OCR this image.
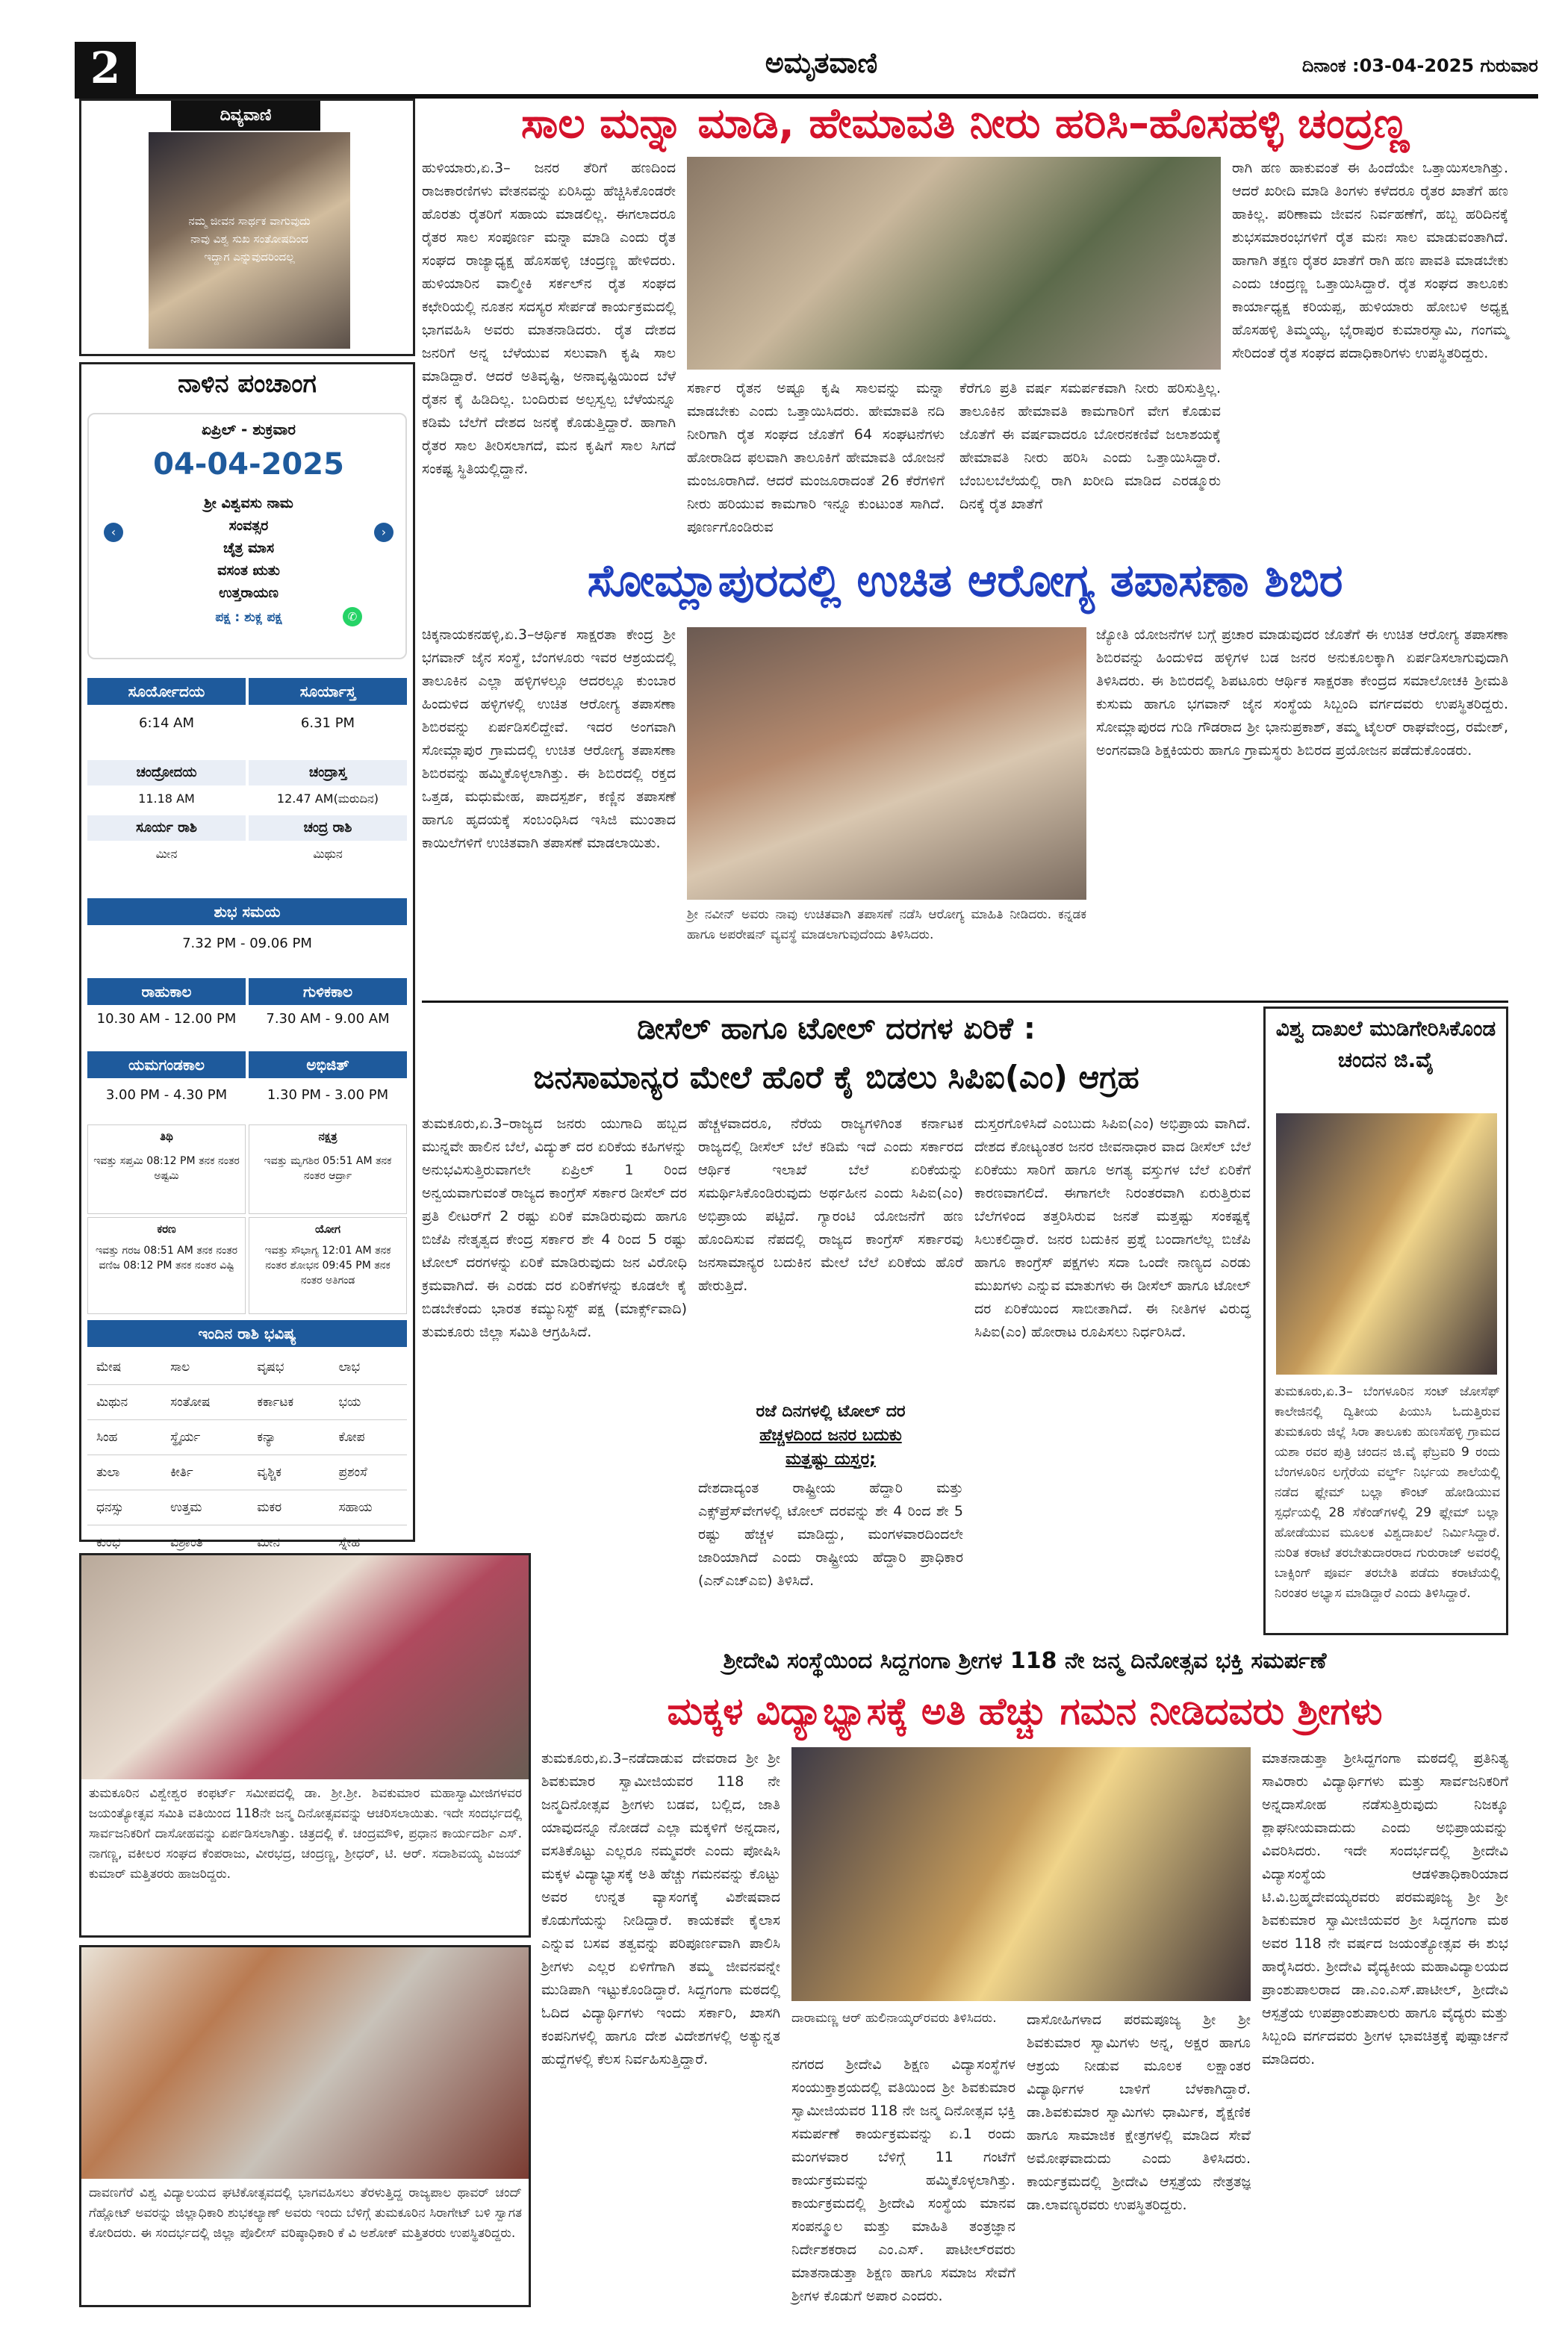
2	ಅಮೃತವಾಣಿ	ದಿನಾಂಕ :03-04-2025 ಗುರುವಾರ
ದಿವ್ಯವಾಣಿ
ನಮ್ಮ ಜೀವನ ಸಾರ್ಥಕ ವಾಗುವುದು
ನಾವು ವಿಶ್ವ ಸುಖ ಸಂತೋಷದಿಂದ
ಇದ್ದಾಗ ಎನ್ನುವುದರಿಂದಲ್ಲ
ನಾಳಿನ ಪಂಚಾಂಗ
ಏಪ್ರಿಲ್ - ಶುಕ್ರವಾರ
04-04-2025
‹	›
ಶ್ರೀ ವಿಶ್ವವಸು ನಾಮ
ಸಂವತ್ಸರ
ಚೈತ್ರ ಮಾಸ
ವಸಂತ ಋತು
ಉತ್ತರಾಯಣ
ಪಕ್ಷ : ಶುಕ್ಲ ಪಕ್ಷ	✆
ಸೂರ್ಯೋದಯ	ಸೂರ್ಯಾಸ್ತ
6:14 AM	6.31 PM
ಚಂದ್ರೋದಯ	ಚಂದ್ರಾಸ್ತ
11.18 AM	12.47 AM(ಮರುದಿನ)
ಸೂರ್ಯ ರಾಶಿ	ಚಂದ್ರ ರಾಶಿ
ಮೀನ	ಮಿಥುನ
ಶುಭ ಸಮಯ
7.32 PM - 09.06 PM
ರಾಹುಕಾಲ	ಗುಳಿಕಕಾಲ
10.30 AM - 12.00 PM	7.30 AM - 9.00 AM
ಯಮಗಂಡಕಾಲ	ಅಭಿಜಿತ್
3.00 PM - 4.30 PM	1.30 PM - 3.00 PM
ತಿಥಿ
ಇವತ್ತು ಸಪ್ತಮಿ 08:12 PM ತನಕ ನಂತರ ಅಷ್ಟಮಿ
ನಕ್ಷತ್ರ
ಇವತ್ತು ಮೃಗಶಿರ 05:51 AM ತನಕ ನಂತರ ಆರ್ದ್ರಾ
ಕರಣ
ಇವತ್ತು ಗರಜ 08:51 AM ತನಕ ನಂತರ ವಣಿಜ 08:12 PM ತನಕ ನಂತರ ವಿಷ್ಟಿ
ಯೋಗ
ಇವತ್ತು ಸೌಭಾಗ್ಯ 12:01 AM ತನಕ ನಂತರ ಶೋಭನ 09:45 PM ತನಕ ನಂತರ ಅತಿಗಂಡ
ಇಂದಿನ ರಾಶಿ ಭವಿಷ್ಯ
ಮೇಷ	ಸಾಲ	ವೃಷಭ	ಲಾಭ
ಮಿಥುನ	ಸಂತೋಷ	ಕರ್ಕಾಟಕ	ಭಯ
ಸಿಂಹ	ಸ್ಥೈರ್ಯ	ಕನ್ಯಾ	ಕೋಪ
ತುಲಾ	ಕೀರ್ತಿ	ವೃಶ್ಚಿಕ	ಪ್ರಶಂಸೆ
ಧನಸ್ಸು	ಉತ್ತಮ	ಮಕರ	ಸಹಾಯ
ಕುಂಭ	ವಿಶ್ರಾಂತಿ	ಮೀನ	ಸ್ನೇಹ
ಸಾಲ ಮನ್ನಾ ಮಾಡಿ, ಹೇಮಾವತಿ ನೀರು ಹರಿಸಿ–ಹೊಸಹಳ್ಳಿ ಚಂದ್ರಣ್ಣ
ಹುಳಿಯಾರು,ಏ.3– ಜನರ ತೆರಿಗೆ ಹಣದಿಂದ ರಾಜಕಾರಣಿಗಳು ವೇತನವನ್ನು ಏರಿಸಿದ್ದು ಹೆಚ್ಚಿಸಿಕೊಂಡರೇ ಹೊರತು ರೈತರಿಗೆ ಸಹಾಯ ಮಾಡಲಿಲ್ಲ. ಈಗಲಾದರೂ ರೈತರ ಸಾಲ ಸಂಪೂರ್ಣ ಮನ್ನಾ ಮಾಡಿ ಎಂದು ರೈತ ಸಂಘದ ರಾಜ್ಯಾಧ್ಯಕ್ಷ ಹೊಸಹಳ್ಳಿ ಚಂದ್ರಣ್ಣ ಹೇಳಿದರು. ಹುಳಿಯಾರಿನ ವಾಲ್ಮೀಕಿ ಸರ್ಕಲ್‌ನ ರೈತ ಸಂಘದ ಕಛೇರಿಯಲ್ಲಿ ನೂತನ ಸದಸ್ಯರ ಸೇರ್ಪಡೆ ಕಾರ್ಯಕ್ರಮದಲ್ಲಿ ಭಾಗವಹಿಸಿ ಅವರು ಮಾತನಾಡಿದರು. ರೈತ ದೇಶದ ಜನರಿಗೆ ಅನ್ನ ಬೆಳೆಯುವ ಸಲುವಾಗಿ ಕೃಷಿ ಸಾಲ ಮಾಡಿದ್ದಾರೆ. ಆದರೆ ಅತಿವೃಷ್ಟಿ, ಅನಾವೃಷ್ಟಿಯಿಂದ ಬೆಳೆ ರೈತನ ಕೈ ಹಿಡಿದಿಲ್ಲ. ಬಂದಿರುವ ಅಲ್ಪಸ್ವಲ್ಪ ಬೆಳೆಯನ್ನೂ ಕಡಿಮೆ ಬೆಲೆಗೆ ದೇಶದ ಜನಕ್ಕೆ ಕೊಡುತ್ತಿದ್ದಾರೆ. ಹಾಗಾಗಿ ರೈತರ ಸಾಲ ತೀರಿಸಲಾಗದೆ, ಮನ ಕೃಷಿಗೆ ಸಾಲ ಸಿಗದೆ ಸಂಕಷ್ಟ ಸ್ಥಿತಿಯಲ್ಲಿದ್ದಾನೆ.
ಸರ್ಕಾರ ರೈತನ ಅಷ್ಟೂ ಕೃಷಿ ಸಾಲವನ್ನು ಮನ್ನಾ ಮಾಡಬೇಕು ಎಂದು ಒತ್ತಾಯಿಸಿದರು. ಹೇಮಾವತಿ ನದಿ ನೀರಿಗಾಗಿ ರೈತ ಸಂಘದ ಜೊತೆಗೆ 64 ಸಂಘಟನೆಗಳು ಹೋರಾಡಿದ ಫಲವಾಗಿ ತಾಲೂಕಿಗೆ ಹೇಮಾವತಿ ಯೋಜನೆ ಮಂಜೂರಾಗಿದೆ. ಆದರೆ ಮಂಜೂರಾದಂತೆ 26 ಕೆರೆಗಳಿಗೆ ನೀರು ಹರಿಯುವ ಕಾಮಗಾರಿ ಇನ್ನೂ ಕುಂಟುಂತ ಸಾಗಿದೆ. ಪೂರ್ಣಗೊಂಡಿರುವ
ಕೆರೆಗೂ ಪ್ರತಿ ವರ್ಷ ಸಮರ್ಪಕವಾಗಿ ನೀರು ಹರಿಸುತ್ತಿಲ್ಲ. ತಾಲೂಕಿನ ಹೇಮಾವತಿ ಕಾಮಗಾರಿಗೆ ವೇಗ ಕೊಡುವ ಜೊತೆಗೆ ಈ ವರ್ಷವಾದರೂ ಬೋರನಕಣಿವೆ ಜಲಾಶಯಕ್ಕೆ ಹೇಮಾವತಿ ನೀರು ಹರಿಸಿ ಎಂದು ಒತ್ತಾಯಿಸಿದ್ದಾರೆ. ಬೆಂಬಲಬೆಲೆಯಲ್ಲಿ ರಾಗಿ ಖರೀದಿ ಮಾಡಿದ ಎರಡ್ಮೂರು ದಿನಕ್ಕೆ ರೈತ ಖಾತೆಗೆ
ರಾಗಿ ಹಣ ಹಾಕುವಂತೆ ಈ ಹಿಂದೆಯೇ ಒತ್ತಾಯಿಸಲಾಗಿತ್ತು. ಆದರೆ ಖರೀದಿ ಮಾಡಿ ತಿಂಗಳು ಕಳೆದರೂ ರೈತರ ಖಾತೆಗೆ ಹಣ ಹಾಕಿಲ್ಲ. ಪರಿಣಾಮ ಜೀವನ ನಿರ್ವಹಣೆಗೆ, ಹಬ್ಬ ಹರಿದಿನಕ್ಕೆ ಶುಭಸಮಾರಂಭಗಳಿಗೆ ರೈತ ಮನಃ ಸಾಲ ಮಾಡುವಂತಾಗಿದೆ. ಹಾಗಾಗಿ ತಕ್ಷಣ ರೈತರ ಖಾತೆಗೆ ರಾಗಿ ಹಣ ಪಾವತಿ ಮಾಡಬೇಕು ಎಂದು ಚಂದ್ರಣ್ಣ ಒತ್ತಾಯಿಸಿದ್ದಾರೆ. ರೈತ ಸಂಘದ ತಾಲೂಕು ಕಾರ್ಯಾಧ್ಯಕ್ಷ ಕರಿಯಪ್ಪ, ಹುಳಿಯಾರು ಹೋಬಳಿ ಅಧ್ಯಕ್ಷ ಹೊಸಹಳ್ಳಿ ತಿಮ್ಮಯ್ಯ, ಭೈರಾಪುರ ಕುಮಾರಸ್ವಾಮಿ, ಗಂಗಮ್ಮ ಸೇರಿದಂತೆ ರೈತ ಸಂಘದ ಪದಾಧಿಕಾರಿಗಳು ಉಪಸ್ಥಿತರಿದ್ದರು.
ಸೋಮ್ಲಾಪುರದಲ್ಲಿ ಉಚಿತ ಆರೋಗ್ಯ ತಪಾಸಣಾ ಶಿಬಿರ
ಚಿಕ್ಕನಾಯಕನಹಳ್ಳಿ,ಏ.3–ಆರ್ಥಿಕ ಸಾಕ್ಷರತಾ ಕೇಂದ್ರ ಶ್ರೀ ಭಗವಾನ್ ಜೈನ ಸಂಸ್ಥೆ, ಬೆಂಗಳೂರು ಇವರ ಆಶ್ರಯದಲ್ಲಿ ತಾಲೂಕಿನ ಎಲ್ಲಾ ಹಳ್ಳಿಗಳಲ್ಲೂ ಆದರಲ್ಲೂ ಕುಂಬಾರ ಹಿಂದುಳಿದ ಹಳ್ಳಿಗಳಲ್ಲಿ ಉಚಿತ ಆರೋಗ್ಯ ತಪಾಸಣಾ ಶಿಬಿರವನ್ನು ಏರ್ಪಡಿಸಲಿದ್ದೇವೆ. ಇದರ ಅಂಗವಾಗಿ ಸೋಮ್ಲಾಪುರ ಗ್ರಾಮದಲ್ಲಿ ಉಚಿತ ಆರೋಗ್ಯ ತಪಾಸಣಾ ಶಿಬಿರವನ್ನು ಹಮ್ಮಿಕೊಳ್ಳಲಾಗಿತ್ತು. ಈ ಶಿಬಿರದಲ್ಲಿ ರಕ್ತದ ಒತ್ತಡ, ಮಧುಮೇಹ, ಪಾದಸ್ಪರ್ಶ, ಕಣ್ಣಿನ ತಪಾಸಣೆ ಹಾಗೂ ಹೃದಯಕ್ಕೆ ಸಂಬಂಧಿಸಿದ ಇಸಿಜಿ ಮುಂತಾದ ಕಾಯಿಲೆಗಳಿಗೆ ಉಚಿತವಾಗಿ ತಪಾಸಣೆ ಮಾಡಲಾಯಿತು.
ಶ್ರೀ ನವೀನ್ ಅವರು ನಾವು ಉಚಿತವಾಗಿ ತಪಾಸಣೆ ನಡೆಸಿ ಆರೋಗ್ಯ ಮಾಹಿತಿ ನೀಡಿದರು. ಕನ್ನಡಕ ಹಾಗೂ ಅಪರೇಷನ್ ವ್ಯವಸ್ಥೆ ಮಾಡಲಾಗುವುದೆಂದು ತಿಳಿಸಿದರು.
ಜ್ಯೋತಿ ಯೋಜನೆಗಳ ಬಗ್ಗೆ ಪ್ರಚಾರ ಮಾಡುವುದರ ಜೊತೆಗೆ ಈ ಉಚಿತ ಆರೋಗ್ಯ ತಪಾಸಣಾ ಶಿಬಿರವನ್ನು ಹಿಂದುಳಿದ ಹಳ್ಳಿಗಳ ಬಡ ಜನರ ಅನುಕೂಲಕ್ಕಾಗಿ ಏರ್ಪಡಿಸಲಾಗುವುದಾಗಿ ತಿಳಿಸಿದರು. ಈ ಶಿಬಿರದಲ್ಲಿ ಶಿಪಟೂರು ಆರ್ಥಿಕ ಸಾಕ್ಷರತಾ ಕೇಂದ್ರದ ಸಮಾಲೋಚಕಿ ಶ್ರೀಮತಿ ಕುಸುಮ ಹಾಗೂ ಭಗವಾನ್ ಜೈನ ಸಂಸ್ಥೆಯ ಸಿಬ್ಬಂದಿ ವರ್ಗದವರು ಉಪಸ್ಥಿತರಿದ್ದರು. ಸೋಮ್ಲಾಪುರದ ಗುಡಿ ಗೌಡರಾದ ಶ್ರೀ ಭಾನುಪ್ರಕಾಶ್, ತಮ್ಮ ಟೈಲರ್ ರಾಘವೇಂದ್ರ, ರಮೇಶ್, ಅಂಗನವಾಡಿ ಶಿಕ್ಷಕಿಯರು ಹಾಗೂ ಗ್ರಾಮಸ್ಥರು ಶಿಬಿರದ ಪ್ರಯೋಜನ ಪಡೆದುಕೊಂಡರು.
ಡೀಸೆಲ್ ಹಾಗೂ ಟೋಲ್ ದರಗಳ ಏರಿಕೆ :
ಜನಸಾಮಾನ್ಯರ ಮೇಲೆ ಹೊರೆ ಕೈ ಬಿಡಲು ಸಿಪಿಐ(ಎಂ) ಆಗ್ರಹ
ತುಮಕೂರು,ಏ.3–ರಾಜ್ಯದ ಜನರು ಯುಗಾದಿ ಹಬ್ಬದ ಮುನ್ನವೇ ಹಾಲಿನ ಬೆಲೆ, ವಿದ್ಯುತ್ ದರ ಏರಿಕೆಯ ಕಹಿಗಳನ್ನು ಅನುಭವಿಸುತ್ತಿರುವಾಗಲೇ ಏಪ್ರಿಲ್ 1 ರಿಂದ ಅನ್ವಯವಾಗುವಂತೆ ರಾಜ್ಯದ ಕಾಂಗ್ರೆಸ್ ಸರ್ಕಾರ ಡೀಸೆಲ್ ದರ ಪ್ರತಿ ಲೀಟರ್‌ಗೆ 2 ರಷ್ಟು ಏರಿಕೆ ಮಾಡಿರುವುದು ಹಾಗೂ ಬಿಜೆಪಿ ನೇತೃತ್ವದ ಕೇಂದ್ರ ಸರ್ಕಾರ ಶೇ 4 ರಿಂದ 5 ರಷ್ಟು ಟೋಲ್ ದರಗಳನ್ನು ಏರಿಕೆ ಮಾಡಿರುವುದು ಜನ ವಿರೋಧಿ ಕ್ರಮವಾಗಿದೆ. ಈ ಎರಡು ದರ ಏರಿಕೆಗಳನ್ನು ಕೂಡಲೇ ಕೈ ಬಿಡಬೇಕೆಂದು ಭಾರತ ಕಮ್ಯುನಿಸ್ಟ್ ಪಕ್ಷ (ಮಾರ್ಕ್ಸ್‌ವಾದಿ) ತುಮಕೂರು ಜಿಲ್ಲಾ ಸಮಿತಿ ಆಗ್ರಹಿಸಿದೆ.
ಹೆಚ್ಚಳವಾದರೂ, ನೆರೆಯ ರಾಜ್ಯಗಳಿಗಿಂತ ಕರ್ನಾಟಕ ರಾಜ್ಯದಲ್ಲಿ ಡೀಸೆಲ್ ಬೆಲೆ ಕಡಿಮೆ ಇದೆ ಎಂದು ಸರ್ಕಾರದ ಆರ್ಥಿಕ ಇಲಾಖೆ ಬೆಲೆ ಏರಿಕೆಯನ್ನು ಸಮರ್ಥಿಸಿಕೊಂಡಿರುವುದು ಅರ್ಥಹೀನ ಎಂದು ಸಿಪಿಐ(ಎಂ) ಅಭಿಪ್ರಾಯ ಪಟ್ಟಿದೆ. ಗ್ಯಾರಂಟಿ ಯೋಜನೆಗೆ ಹಣ ಹೊಂದಿಸುವ ನೆಪದಲ್ಲಿ ರಾಜ್ಯದ ಕಾಂಗ್ರೆಸ್ ಸರ್ಕಾರವು ಜನಸಾಮಾನ್ಯರ ಬದುಕಿನ ಮೇಲೆ ಬೆಲೆ ಏರಿಕೆಯ ಹೊರೆ ಹೇರುತ್ತಿದೆ.
ರಜೆ ದಿನಗಳಲ್ಲಿ ಟೋಲ್ ದರ
ಹೆಚ್ಚಳದಿಂದ ಜನರ ಬದುಕು
ಮತ್ತಷ್ಟು ದುಸ್ತರ;
ದೇಶದಾದ್ಯಂತ ರಾಷ್ಟ್ರೀಯ ಹೆದ್ದಾರಿ ಮತ್ತು ಎಕ್ಸ್‌ಪ್ರೆಸ್‌ವೇಗಳಲ್ಲಿ ಟೋಲ್ ದರವನ್ನು ಶೇ 4 ರಿಂದ ಶೇ 5 ರಷ್ಟು ಹೆಚ್ಚಳ ಮಾಡಿದ್ದು, ಮಂಗಳವಾರದಿಂದಲೇ ಜಾರಿಯಾಗಿದೆ ಎಂದು ರಾಷ್ಟ್ರೀಯ ಹೆದ್ದಾರಿ ಪ್ರಾಧಿಕಾರ (ಎನ್‌ಎಚ್‌ಎಐ) ತಿಳಿಸಿದೆ.
ದುಸ್ತರಗೊಳಿಸಿದೆ ಎಂಬುದು ಸಿಪಿಐ(ಎಂ) ಅಭಿಪ್ರಾಯ ವಾಗಿದೆ. ದೇಶದ ಕೋಟ್ಯಂತರ ಜನರ ಜೀವನಾಧಾರ ವಾದ ಡೀಸೆಲ್ ಬೆಲೆ ಏರಿಕೆಯು ಸಾರಿಗೆ ಹಾಗೂ ಅಗತ್ಯ ವಸ್ತುಗಳ ಬೆಲೆ ಏರಿಕೆಗೆ ಕಾರಣವಾಗಲಿದೆ. ಈಗಾಗಲೇ ನಿರಂತರವಾಗಿ ಏರುತ್ತಿರುವ ಬೆಲೆಗಳಿಂದ ತತ್ತರಿಸಿರುವ ಜನತೆ ಮತ್ತಷ್ಟು ಸಂಕಷ್ಟಕ್ಕೆ ಸಿಲುಕಲಿದ್ದಾರೆ. ಜನರ ಬದುಕಿನ ಪ್ರಶ್ನೆ ಬಂದಾಗಲೆಲ್ಲ ಬಿಜೆಪಿ ಹಾಗೂ ಕಾಂಗ್ರೆಸ್ ಪಕ್ಷಗಳು ಸದಾ ಒಂದೇ ನಾಣ್ಯದ ಎರಡು ಮುಖಗಳು ಎನ್ನುವ ಮಾತುಗಳು ಈ ಡೀಸೆಲ್ ಹಾಗೂ ಟೋಲ್ ದರ ಏರಿಕೆಯಿಂದ ಸಾಬೀತಾಗಿದೆ. ಈ ನೀತಿಗಳ ವಿರುದ್ಧ ಸಿಪಿಐ(ಎಂ) ಹೋರಾಟ ರೂಪಿಸಲು ನಿರ್ಧರಿಸಿದೆ.
ವಿಶ್ವ ದಾಖಲೆ ಮುಡಿಗೇರಿಸಿಕೊಂಡ ಚಂದನ ಜಿ.ವೈ
ತುಮಕೂರು,ಏ.3– ಬೆಂಗಳೂರಿನ ಸಂಟ್ ಜೋಸೆಫ್ ಕಾಲೇಜಿನಲ್ಲಿ ದ್ವಿತೀಯ ಪಿಯುಸಿ ಓದುತ್ತಿರುವ ತುಮಕೂರು ಜಿಲ್ಲೆ ಸಿರಾ ತಾಲೂಕು ಹುಣಸೆಹಳ್ಳಿ ಗ್ರಾಮದ ಯಶಾ ರವರ ಪುತ್ರಿ ಚಂದನ ಜಿ.ವೈ ಫೆಬ್ರವರಿ 9 ರಂದು ಬೆಂಗಳೂರಿನ ಲಗ್ಗೆರೆಯ ವರ್ಲ್ಡ್ ನಿರ್ಭಯ ಶಾಲೆಯಲ್ಲಿ ನಡೆದ ಫ್ಲೇಮ್ ಬಲ್ಲಾ ಕೌಂಟ್ ಹೋಡಿಯುವ ಸ್ಪರ್ಧೆಯಲ್ಲಿ 28 ಸೆಕೆಂಡ್‌ಗಳಲ್ಲಿ 29 ಫ್ಲೇಮ್ ಬಲ್ಲಾ ಹೋಡೆಯುವ ಮೂಲಕ ವಿಶ್ವದಾಖಲೆ ನಿರ್ಮಿಸಿದ್ದಾರೆ. ನುರಿತ ಕರಾಟೆ ತರಬೇತುದಾರರಾದ ಗುರುರಾಜ್ ಅವರಲ್ಲಿ ಬಾಕ್ಸಿಂಗ್ ಪೂರ್ವ ತರಬೇತಿ ಪಡೆದು ಕರಾಟೆಯಲ್ಲಿ ನಿರಂತರ ಅಭ್ಯಾಸ ಮಾಡಿದ್ದಾರೆ ಎಂದು ತಿಳಿಸಿದ್ದಾರೆ.
ತುಮಕೂರಿನ ವಿಶ್ವೇಶ್ವರ ಕಂಫರ್ಟ್ ಸಮೀಪದಲ್ಲಿ ಡಾ. ಶ್ರೀ.ಶ್ರೀ. ಶಿವಕುಮಾರ ಮಹಾಸ್ವಾಮೀಜಿಗಳವರ ಜಯಂತ್ಯೋತ್ಸವ ಸಮಿತಿ ವತಿಯಿಂದ 118ನೇ ಜನ್ಮ ದಿನೋತ್ಸವವನ್ನು ಆಚರಿಸಲಾಯಿತು. ಇದೇ ಸಂದರ್ಭದಲ್ಲಿ ಸಾರ್ವಜನಿಕರಿಗೆ ದಾಸೋಹವನ್ನು ಏರ್ಪಡಿಸಲಾಗಿತ್ತು. ಚಿತ್ರದಲ್ಲಿ ಕೆ. ಚಂದ್ರಮೌಳಿ, ಪ್ರಧಾನ ಕಾರ್ಯದರ್ಶಿ ಎಸ್. ನಾಗಣ್ಣ, ವಕೀಲರ ಸಂಘದ ಕೆಂಪರಾಜು, ವೀರಭದ್ರ, ಚಂದ್ರಣ್ಣ, ಶ್ರೀಧರ್, ಟಿ. ಆರ್. ಸದಾಶಿವಯ್ಯ ವಿಜಯ್ ಕುಮಾರ್ ಮತ್ತಿತರರು ಹಾಜರಿದ್ದರು.
ದಾವಣಗೆರೆ ವಿಶ್ವ ವಿದ್ಯಾಲಯದ ಘಟಿಕೋತ್ಸವದಲ್ಲಿ ಭಾಗವಹಿಸಲು ತೆರಳುತ್ತಿದ್ದ ರಾಜ್ಯಪಾಲ ಥಾವರ್ ಚಂದ್ ಗೆಹ್ಲೋಟ್ ಅವರನ್ನು ಜಿಲ್ಲಾಧಿಕಾರಿ ಶುಭಕಲ್ಯಾಣ್ ಅವರು ಇಂದು ಬೆಳಿಗ್ಗೆ ತುಮಕೂರಿನ ಸಿರಾಗೇಟ್ ಬಳಿ ಸ್ವಾಗತ ಕೋರಿದರು. ಈ ಸಂದರ್ಭದಲ್ಲಿ ಜಿಲ್ಲಾ ಪೊಲೀಸ್ ವರಿಷ್ಠಾಧಿಕಾರಿ ಕೆ ವಿ ಅಶೋಕ್ ಮತ್ತಿತರರು ಉಪಸ್ಥಿತರಿದ್ದರು.
ಶ್ರೀದೇವಿ ಸಂಸ್ಥೆಯಿಂದ ಸಿದ್ದಗಂಗಾ ಶ್ರೀಗಳ 118 ನೇ ಜನ್ಮ ದಿನೋತ್ಸವ ಭಕ್ತಿ ಸಮರ್ಪಣೆ
ಮಕ್ಕಳ ವಿದ್ಯಾಭ್ಯಾಸಕ್ಕೆ ಅತಿ ಹೆಚ್ಚು ಗಮನ ನೀಡಿದವರು ಶ್ರೀಗಳು
ತುಮಕೂರು,ಏ.3–ನಡೆದಾಡುವ ದೇವರಾದ ಶ್ರೀ ಶ್ರೀ ಶಿವಕುಮಾರ ಸ್ವಾಮೀಜಿಯವರ 118 ನೇ ಜನ್ಮದಿನೋತ್ಸವ ಶ್ರೀಗಳು ಬಡವ, ಬಲ್ಲಿದ, ಜಾತಿ ಯಾವುದನ್ನೂ ನೋಡದೆ ಎಲ್ಲಾ ಮಕ್ಕಳಿಗೆ ಅನ್ನದಾನ, ವಸತಿಕೊಟ್ಟು ಎಲ್ಲರೂ ನಮ್ಮವರೇ ಎಂದು ಪೋಷಿಸಿ ಮಕ್ಕಳ ವಿದ್ಯಾಭ್ಯಾಸಕ್ಕೆ ಅತಿ ಹೆಚ್ಚು ಗಮನವನ್ನು ಕೊಟ್ಟು ಅವರ ಉನ್ನತ ವ್ಯಾಸಂಗಕ್ಕೆ ವಿಶೇಷವಾದ ಕೊಡುಗೆಯನ್ನು ನೀಡಿದ್ದಾರೆ. ಕಾಯಕವೇ ಕೈಲಾಸ ಎನ್ನುವ ಬಸವ ತತ್ವವನ್ನು ಪರಿಪೂರ್ಣವಾಗಿ ಪಾಲಿಸಿ ಶ್ರೀಗಳು ಎಲ್ಲರ ಏಳಿಗೆಗಾಗಿ ತಮ್ಮ ಜೀವನವನ್ನೇ ಮುಡಿಪಾಗಿ ಇಟ್ಟುಕೊಂಡಿದ್ದಾರೆ. ಸಿದ್ದಗಂಗಾ ಮಠದಲ್ಲಿ ಓದಿದ ವಿದ್ಯಾರ್ಥಿಗಳು ಇಂದು ಸರ್ಕಾರಿ, ಖಾಸಗಿ ಕಂಪನಿಗಳಲ್ಲಿ ಹಾಗೂ ದೇಶ ವಿದೇಶಗಳಲ್ಲಿ ಅತ್ಯುನ್ನತ ಹುದ್ದೆಗಳಲ್ಲಿ ಕೆಲಸ ನಿರ್ವಹಿಸುತ್ತಿದ್ದಾರೆ.
ದಾರಾಮಣ್ಣ ಆರ್ ಹುಲಿನಾಯ್ಕರ್‌ರವರು ತಿಳಿಸಿದರು.
ನಗರದ ಶ್ರೀದೇವಿ ಶಿಕ್ಷಣ ವಿದ್ಯಾಸಂಸ್ಥೆಗಳ ಸಂಯುಕ್ತಾಶ್ರಯದಲ್ಲಿ ವತಿಯಿಂದ ಶ್ರೀ ಶಿವಕುಮಾರ ಸ್ವಾಮೀಜಿಯವರ 118 ನೇ ಜನ್ಮ ದಿನೋತ್ಸವ ಭಕ್ತಿ ಸಮರ್ಪಣೆ ಕಾರ್ಯಕ್ರಮವನ್ನು ಏ.1 ರಂದು ಮಂಗಳವಾರ ಬೆಳಿಗ್ಗೆ 11 ಗಂಟೆಗೆ ಕಾರ್ಯಕ್ರಮವನ್ನು ಹಮ್ಮಿಕೊಳ್ಳಲಾಗಿತ್ತು. ಕಾರ್ಯಕ್ರಮದಲ್ಲಿ ಶ್ರೀದೇವಿ ಸಂಸ್ಥೆಯ ಮಾನವ ಸಂಪನ್ಮೂಲ ಮತ್ತು ಮಾಹಿತಿ ತಂತ್ರಜ್ಞಾನ ನಿರ್ದೇಶಕರಾದ ಎಂ.ಎಸ್. ಪಾಟೀಲ್‌ರವರು ಮಾತನಾಡುತ್ತಾ ಶಿಕ್ಷಣ ಹಾಗೂ ಸಮಾಜ ಸೇವೆಗೆ ಶ್ರೀಗಳ ಕೊಡುಗೆ ಅಪಾರ ಎಂದರು.
ದಾಸೋಹಿಗಳಾದ ಪರಮಪೂಜ್ಯ ಶ್ರೀ ಶ್ರೀ ಶಿವಕುಮಾರ ಸ್ವಾಮಿಗಳು ಅನ್ನ, ಅಕ್ಷರ ಹಾಗೂ ಆಶ್ರಯ ನೀಡುವ ಮೂಲಕ ಲಕ್ಷಾಂತರ ವಿದ್ಯಾರ್ಥಿಗಳ ಬಾಳಿಗೆ ಬೆಳಕಾಗಿದ್ದಾರೆ. ಡಾ.ಶಿವಕುಮಾರ ಸ್ವಾಮಿಗಳು ಧಾರ್ಮಿಕ, ಶೈಕ್ಷಣಿಕ ಹಾಗೂ ಸಾಮಾಜಿಕ ಕ್ಷೇತ್ರಗಳಲ್ಲಿ ಮಾಡಿದ ಸೇವೆ ಅಮೋಘವಾದುದು ಎಂದು ತಿಳಿಸಿದರು. ಕಾರ್ಯಕ್ರಮದಲ್ಲಿ ಶ್ರೀದೇವಿ ಆಸ್ಪತ್ರೆಯ ನೇತ್ರತಜ್ಞ ಡಾ.ಲಾವಣ್ಯರವರು ಉಪಸ್ಥಿತರಿದ್ದರು.
ಮಾತನಾಡುತ್ತಾ ಶ್ರೀಸಿದ್ದಗಂಗಾ ಮಠದಲ್ಲಿ ಪ್ರತಿನಿತ್ಯ ಸಾವಿರಾರು ವಿದ್ಯಾರ್ಥಿಗಳು ಮತ್ತು ಸಾರ್ವಜನಿಕರಿಗೆ ಅನ್ನದಾಸೋಹ ನಡೆಸುತ್ತಿರುವುದು ನಿಜಕ್ಕೂ ಶ್ಲಾಘನೀಯವಾದುದು ಎಂದು ಅಭಿಪ್ರಾಯವನ್ನು ವಿವರಿಸಿದರು. ಇದೇ ಸಂದರ್ಭದಲ್ಲಿ ಶ್ರೀದೇವಿ ವಿದ್ಯಾಸಂಸ್ಥೆಯ ಆಡಳಿತಾಧಿಕಾರಿಯಾದ ಟಿ.ವಿ.ಬ್ರಹ್ಮದೇವಯ್ಯರವರು ಪರಮಪೂಜ್ಯ ಶ್ರೀ ಶ್ರೀ ಶಿವಕುಮಾರ ಸ್ವಾಮೀಜಿಯವರ ಶ್ರೀ ಸಿದ್ದಗಂಗಾ ಮಠ ಅವರ 118 ನೇ ವರ್ಷದ ಜಯಂತ್ಯೋತ್ಸವ ಈ ಶುಭ ಹಾರೈಸಿದರು. ಶ್ರೀದೇವಿ ವೈದ್ಯಕೀಯ ಮಹಾವಿದ್ಯಾಲಯದ ಪ್ರಾಂಶುಪಾಲರಾದ ಡಾ.ಎಂ.ಎಸ್.ಪಾಟೀಲ್, ಶ್ರೀದೇವಿ ಆಸ್ಪತ್ರೆಯ ಉಪಪ್ರಾಂಶುಪಾಲರು ಹಾಗೂ ವೈದ್ಯರು ಮತ್ತು ಸಿಬ್ಬಂದಿ ವರ್ಗದವರು ಶ್ರೀಗಳ ಭಾವಚಿತ್ರಕ್ಕೆ ಪುಷ್ಪಾರ್ಚನೆ ಮಾಡಿದರು.
